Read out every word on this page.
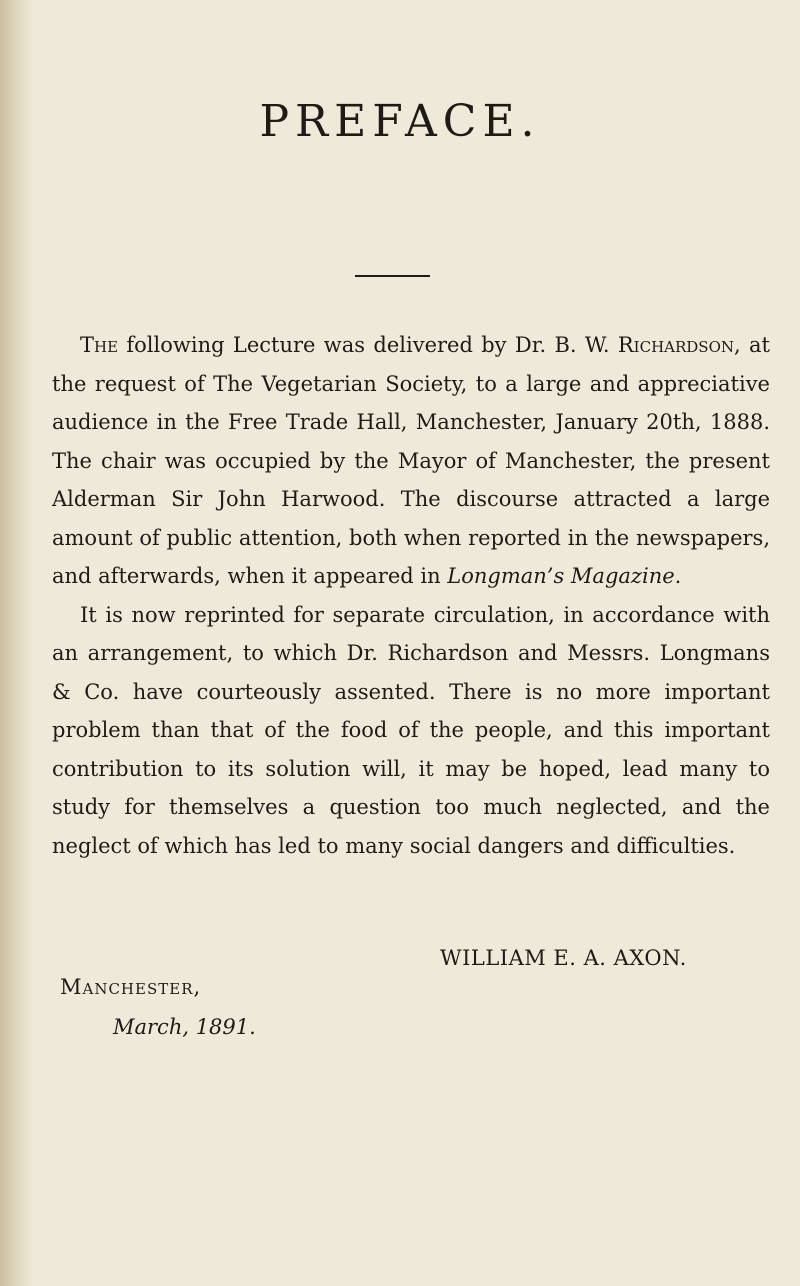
PREFACE.

The following Lecture was delivered by Dr. B. W. Richardson, at the request of The Vegetarian Society, to a large and appreciative audience in the Free Trade Hall, Manchester, January 20th, 1888. The chair was occupied by the Mayor of Manchester, the present Alderman Sir John Harwood. The discourse attracted a large amount of public attention, both when reported in the newspapers, and afterwards, when it appeared in Longman’s Magazine.

It is now reprinted for separate circulation, in accordance with an arrangement, to which Dr. Richardson and Messrs. Longmans & Co. have courteously assented. There is no more important problem than that of the food of the people, and this important contribution to its solution will, it may be hoped, lead many to study for themselves a question too much neglected, and the neglect of which has led to many social dangers and difficulties.

WILLIAM E. A. AXON.
Manchester,
March, 1891.
